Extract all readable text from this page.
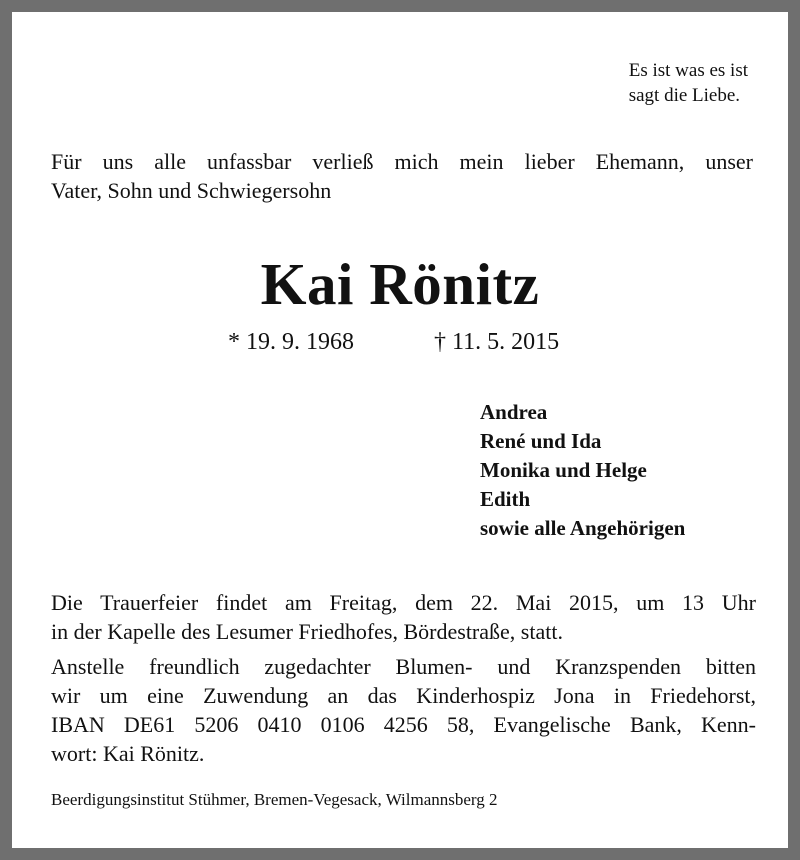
Es ist was es ist
sagt die Liebe.
Für uns alle unfassbar verließ mich mein lieber Ehemann, unser
Vater, Sohn und Schwiegersohn
Kai Rönitz
* 19. 9. 1968	† 11. 5. 2015
Andrea
René und Ida
Monika und Helge
Edith
sowie alle Angehörigen
Die Trauerfeier findet am Freitag, dem 22. Mai 2015, um 13 Uhr
in der Kapelle des Lesumer Friedhofes, Bördestraße, statt.
Anstelle freundlich zugedachter Blumen- und Kranzspenden bitten
wir um eine Zuwendung an das Kinderhospiz Jona in Friedehorst,
IBAN DE61 5206 0410 0106 4256 58, Evangelische Bank, Kenn-
wort: Kai Rönitz.
Beerdigungsinstitut Stühmer, Bremen-Vegesack, Wilmannsberg 2
